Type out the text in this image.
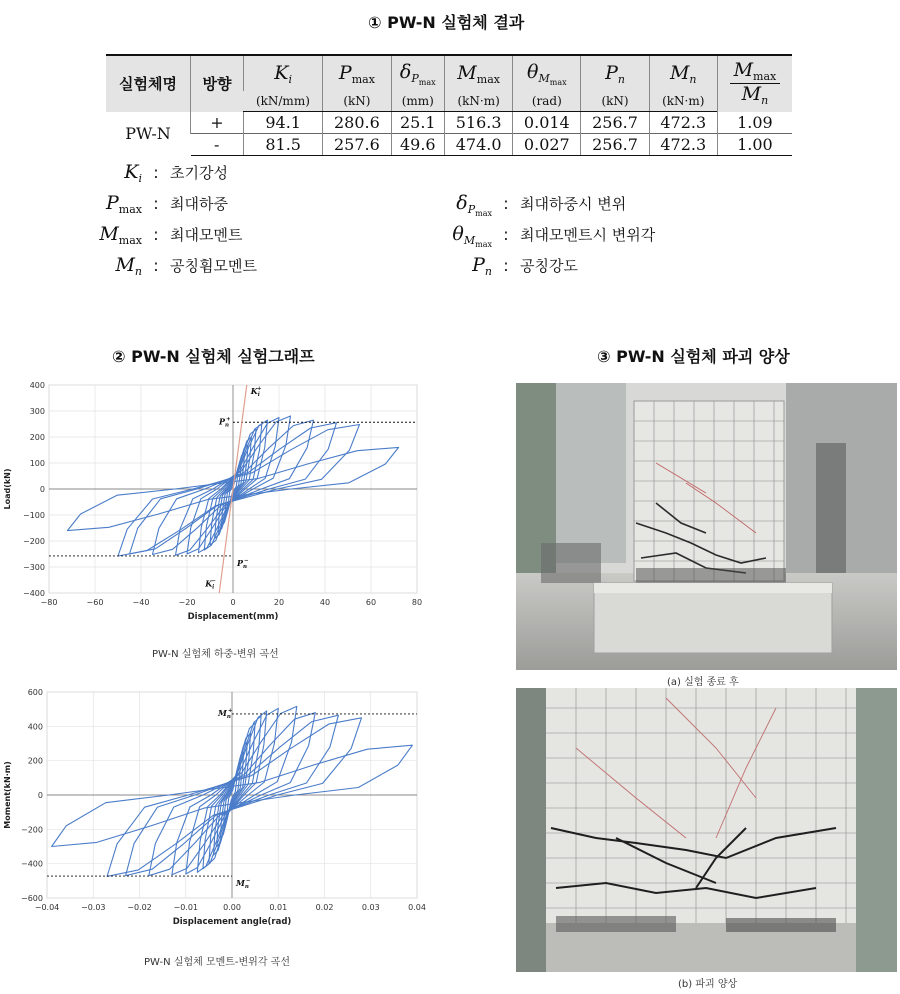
① PW-N 실험체 결과
실험체명	방향	$K_i$	$P_{max}$	$\delta_{Pmax}$	$M_{max}$	$\theta_{Mmax}$	$P_n$	$M_n$	$\frac{M_{max}}{M_n}$
		(kN/mm)	(kN)	(mm)	(kN·m)	(rad)	(kN)	(kN·m)	
PW-N	+	94.1	280.6	25.1	516.3	0.014	256.7	472.3	1.09
	-	81.5	257.6	49.6	474.0	0.027	256.7	472.3	1.00
$K_i$ : 초기강성
$P_{max}$ : 최대하중
$M_{max}$ : 최대모멘트
$M_n$ : 공칭휨모멘트
$\delta_{Pmax}$: 최대하중시 변위
$\theta_{Mmax}$: 최대모멘트시 변위각
$P_n$ : 공칭강도
② PW-N 실험체 실험그래프	③ PW-N 실험체 파괴 양상
−80	−60	−40	−20	0	20	40	60	80
400
300
200
100
0
−100
−200
−300
−400
Displacement(mm)
Load(kN)
$P_n+$
$P_n-$
$K_i+$
$K_i-$
PW-N 실험체 하중-변위 곡선
−0.04	−0.03	−0.02	−0.01	0.00	0.01	0.02	0.03	0.04
600
400
200
0
−200
−400
−600
Displacement angle(rad)
Moment(kN·m)
$M_n+$
$M_n-$
PW-N 실험체 모멘트-변위각 곡선
(a) 실험 종료 후
(b) 파괴 양상
